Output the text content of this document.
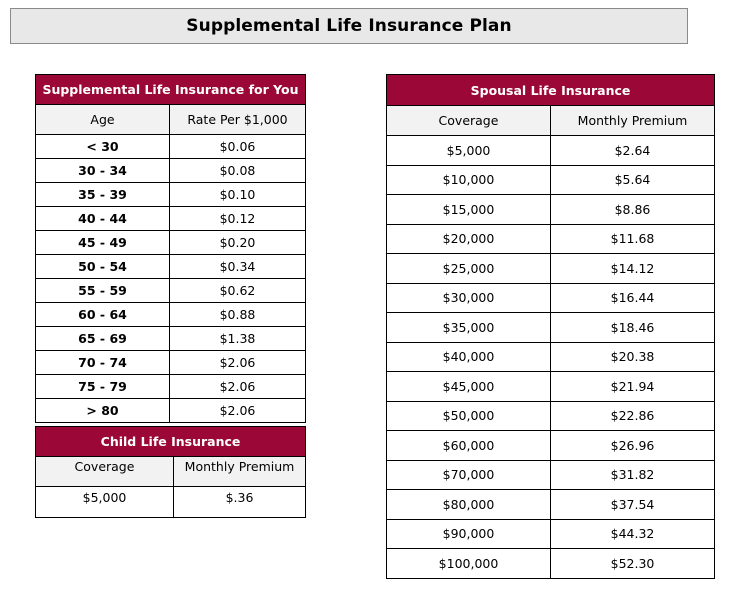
Supplemental Life Insurance Plan
Supplemental Life Insurance for You	
Age	Rate Per $1,000
< 30	$0.06
30 - 34	$0.08
35 - 39	$0.10
40 - 44	$0.12
45 - 49	$0.20
50 - 54	$0.34
55 - 59	$0.62
60 - 64	$0.88
65 - 69	$1.38
70 - 74	$2.06
75 - 79	$2.06
> 80	$2.06
Child Life Insurance	
Coverage	Monthly Premium
$5,000	$.36
Spousal Life Insurance	
Coverage	Monthly Premium
$5,000	$2.64
$10,000	$5.64
$15,000	$8.86
$20,000	$11.68
$25,000	$14.12
$30,000	$16.44
$35,000	$18.46
$40,000	$20.38
$45,000	$21.94
$50,000	$22.86
$60,000	$26.96
$70,000	$31.82
$80,000	$37.54
$90,000	$44.32
$100,000	$52.30
